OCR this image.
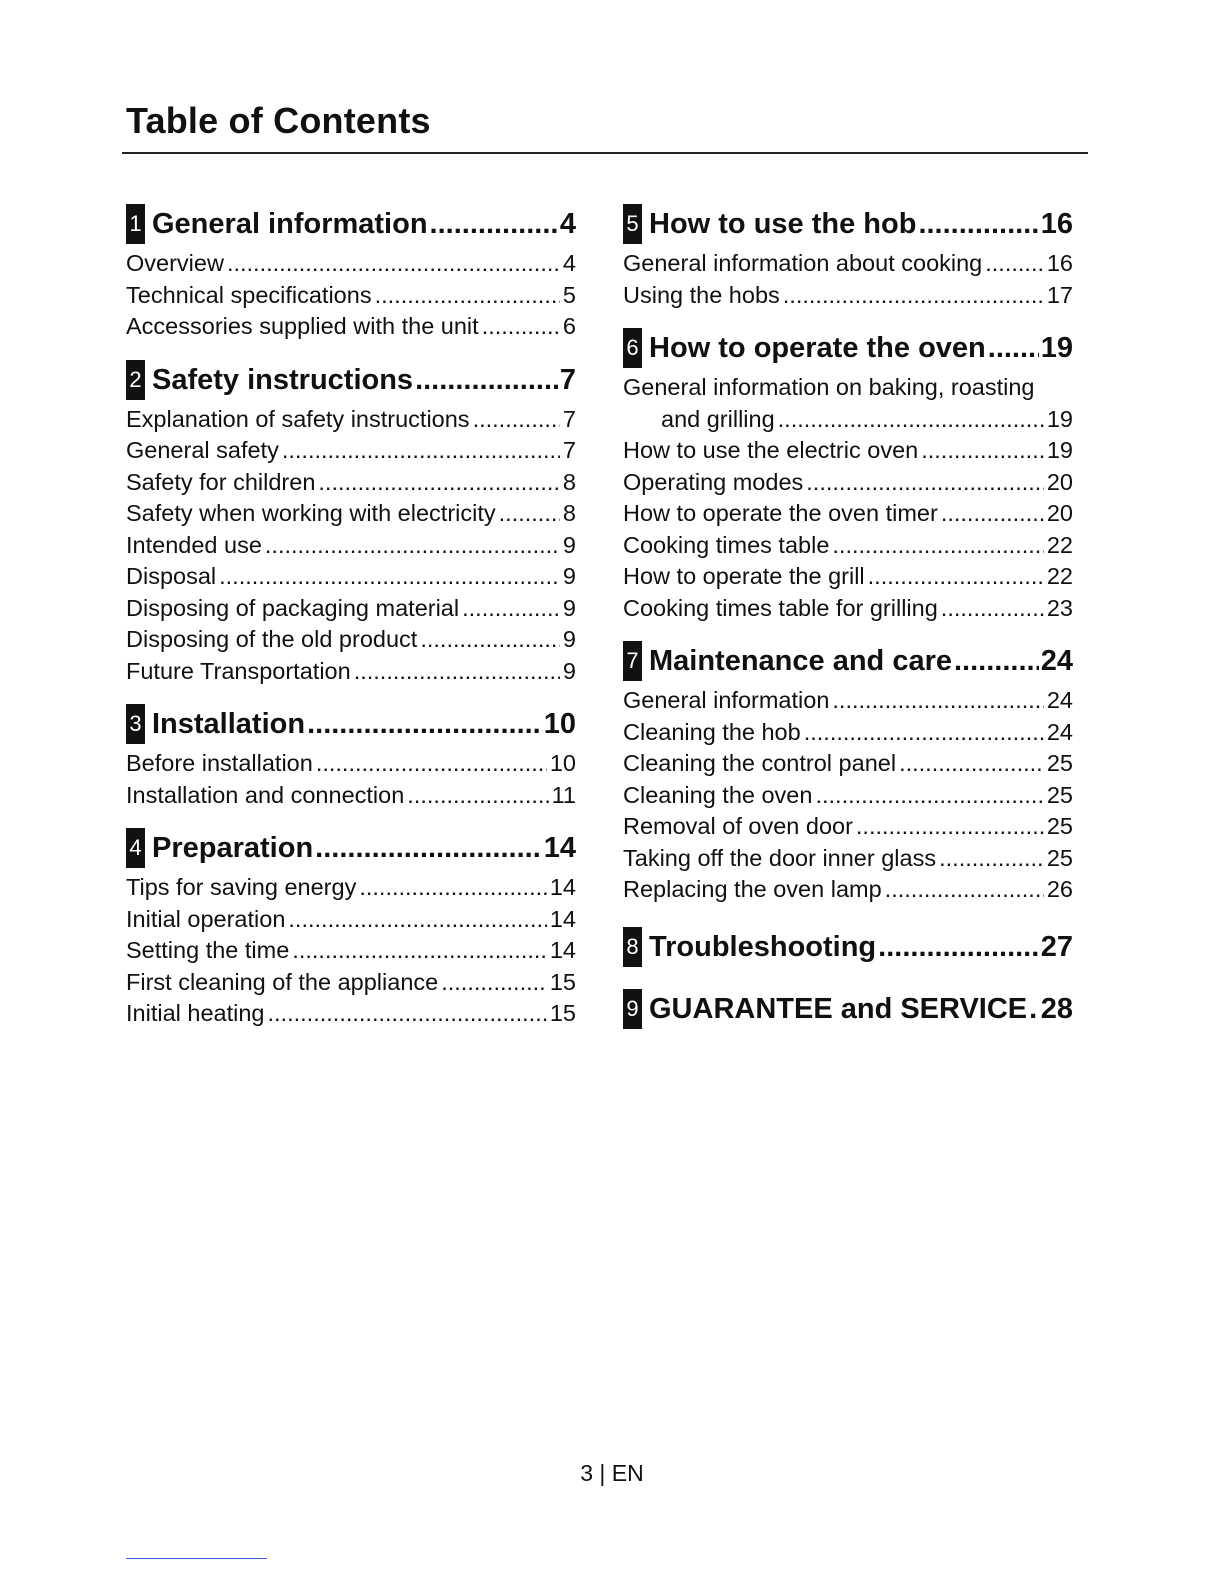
Table of Contents
1 General information .....	4
Overview .....	4
Technical specifications .....	5
Accessories supplied with the unit .....	6
2 Safety instructions .....	7
Explanation of safety instructions .....	7
General safety .....	7
Safety for children .....	8
Safety when working with electricity .....	8
Intended use .....	9
Disposal .....	9
Disposing of packaging material .....	9
Disposing of the old product .....	9
Future Transportation .....	9
3 Installation .....	10
Before installation .....	10
Installation and connection .....	11
4 Preparation .....	14
Tips for saving energy .....	14
Initial operation .....	14
Setting the time .....	14
First cleaning of the appliance .....	15
Initial heating .....	15
5 How to use the hob .....	16
General information about cooking .....	16
Using the hobs .....	17
6 How to operate the oven ..... 19
General information on baking, roasting
and grilling .....	19
How to use the electric oven .....	19
Operating modes .....	20
How to operate the oven timer .....	20
Cooking times table .....	22
How to operate the grill .....	22
Cooking times table for grilling .....	23
7 Maintenance and care .....	24
General information .....	24
Cleaning the hob .....	24
Cleaning the control panel .....	25
Cleaning the oven .....	25
Removal of oven door .....	25
Taking off the door inner glass .....	25
Replacing the oven lamp .....	26
8 Troubleshooting .....	27
9 GUARANTEE and SERVICE ..... 28
3 | EN
